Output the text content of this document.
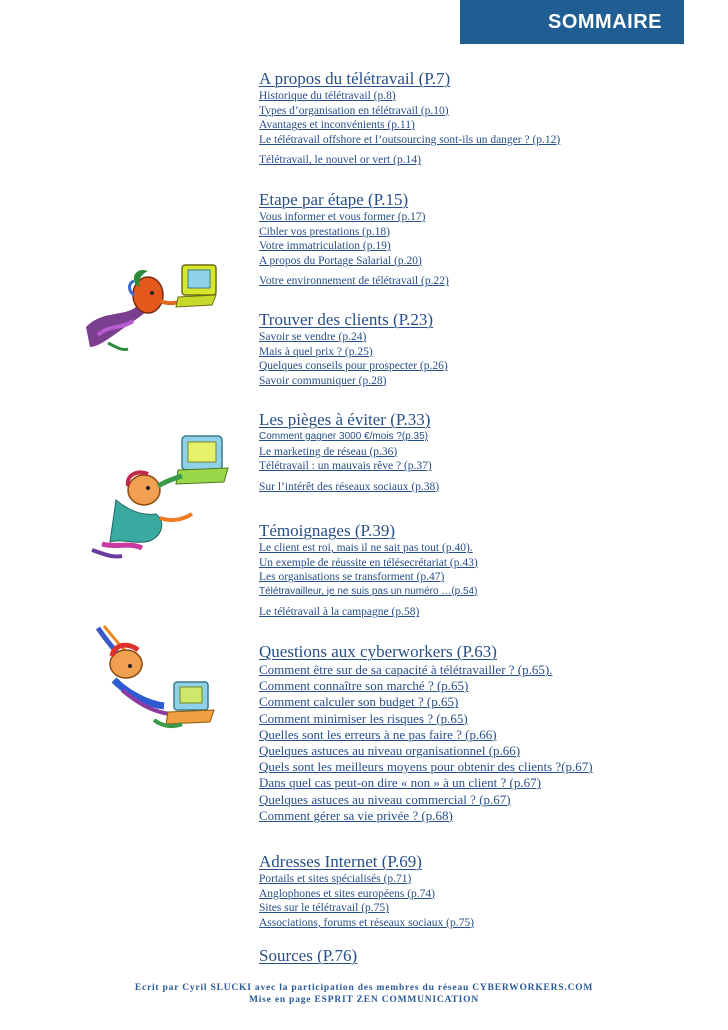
SOMMAIRE
A propos du télétravail (P.7)
Historique du télétravail (p.8)
Types d’organisation en télétravail (p.10)
Avantages et inconvénients (p.11)
Le télétravail offshore et l’outsourcing sont-ils un danger ? (p.12)
Télétravail, le nouvel or vert (p.14)
Etape par étape (P.15)
Vous informer et vous former (p.17)
Cibler vos prestations (p.18)
Votre immatriculation (p.19)
A propos du Portage Salarial (p.20)
Votre environnement de télétravail (p.22)
Trouver des clients (P.23)
Savoir se vendre (p.24)
Mais à quel prix ? (p.25)
Quelques conseils pour prospecter (p.26)
Savoir communiquer (p.28)
Les pièges à éviter (P.33)
Comment gagner 3000 €/mois ?(p.35)
Le marketing de réseau (p.36)
Télétravail : un mauvais rêve ? (p.37)
Sur l’intérêt des réseaux sociaux (p.38)
Témoignages (P.39)
Le client est roi, mais il ne sait pas tout (p.40).
Un exemple de réussite en télésecrétariat (p.43)
Les organisations se transforment (p.47)
Télétravailleur, je ne suis pas un numéro …(p.54)
Le télétravail à la campagne (p.58)
Questions aux cyberworkers (P.63)
Comment être sur de sa capacité à télétravailler ? (p.65).
Comment connaître son marché ? (p.65)
Comment calculer son budget ? (p.65)
Comment minimiser les risques ? (p.65)
Quelles sont les erreurs à ne pas faire ? (p.66)
Quelques astuces au niveau organisationnel (p.66)
Quels sont les meilleurs moyens pour obtenir des clients ?(p.67)
Dans quel cas peut-on dire « non » à un client ? (p.67)
Quelques astuces au niveau commercial ? (p.67)
Comment gérer sa vie privée ? (p.68)
Adresses Internet (P.69)
Portails et sites spécialisés (p.71)
Anglophones et sites européens (p.74)
Sites sur le télétravail (p.75)
Associations, forums et réseaux sociaux (p.75)
Sources (P.76)
Ecrit par Cyril SLUCKI avec la participation des membres du réseau CYBERWORKERS.COM
Mise en page ESPRIT ZEN COMMUNICATION
